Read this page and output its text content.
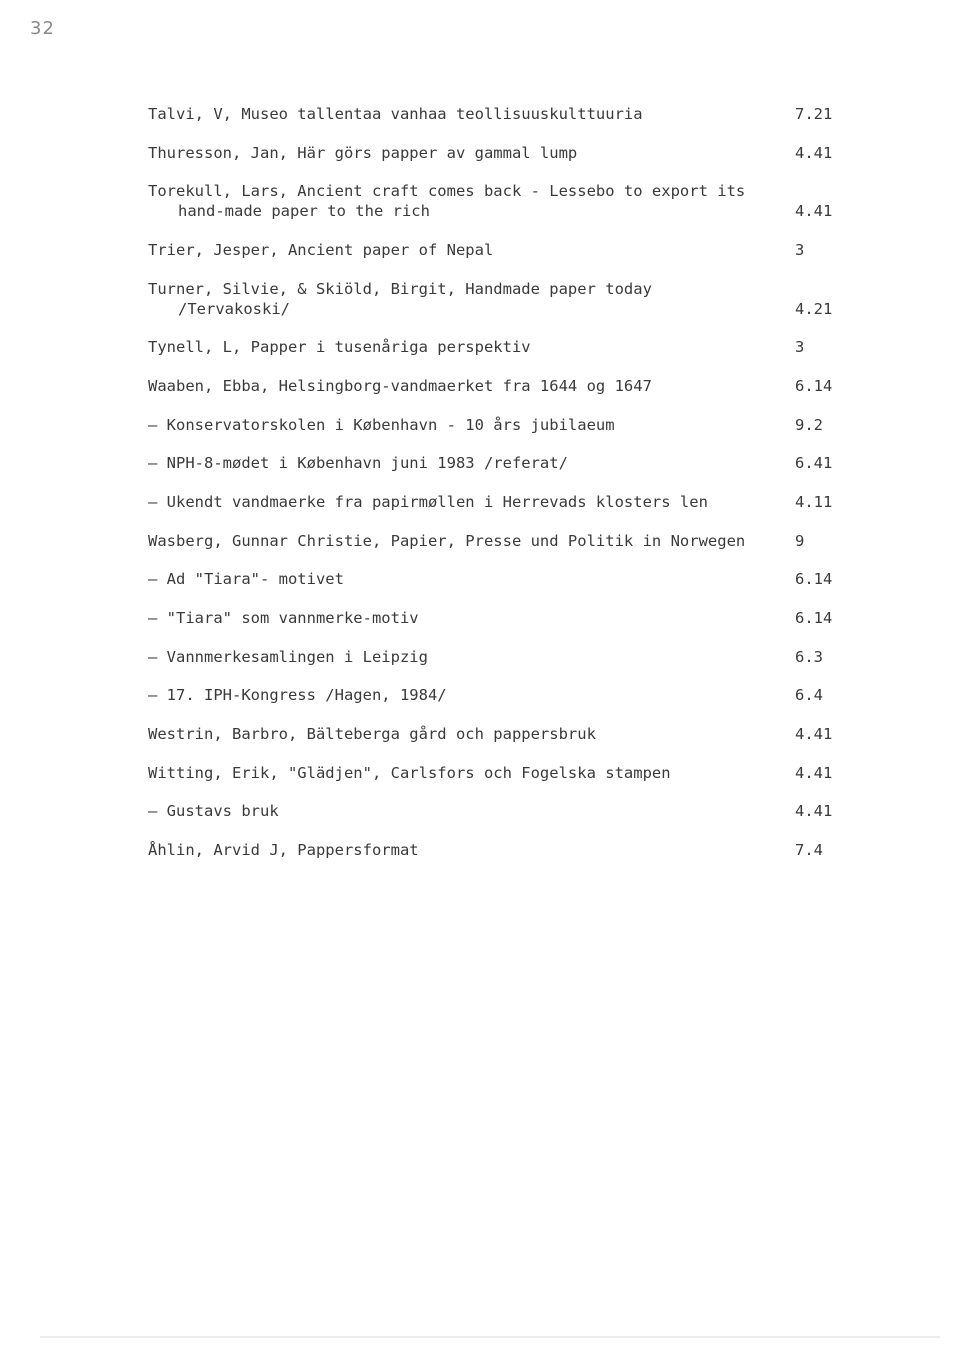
32
Talvi, V, Museo tallentaa vanhaa teollisuuskulttuuria	7.21
Thuresson, Jan, Här görs papper av gammal lump	4.41
Torekull, Lars, Ancient craft comes back - Lessebo to export its
hand-made paper to the rich	4.41
Trier, Jesper, Ancient paper of Nepal	3
Turner, Silvie, & Skiöld, Birgit, Handmade paper today
/Tervakoski/	4.21
Tynell, L, Papper i tusenåriga perspektiv	3
Waaben, Ebba, Helsingborg-vandmaerket fra 1644 og 1647	6.14
— Konservatorskolen i København - 10 års jubilaeum	9.2
— NPH-8-mødet i København juni 1983 /referat/	6.41
— Ukendt vandmaerke fra papirmøllen i Herrevads klosters len	4.11
Wasberg, Gunnar Christie, Papier, Presse und Politik in Norwegen	9
— Ad "Tiara"- motivet	6.14
— "Tiara" som vannmerke-motiv	6.14
— Vannmerkesamlingen i Leipzig	6.3
— 17. IPH-Kongress /Hagen, 1984/	6.4
Westrin, Barbro, Bälteberga gård och pappersbruk	4.41
Witting, Erik, "Glädjen", Carlsfors och Fogelska stampen	4.41
— Gustavs bruk	4.41
Åhlin, Arvid J, Pappersformat	7.4
